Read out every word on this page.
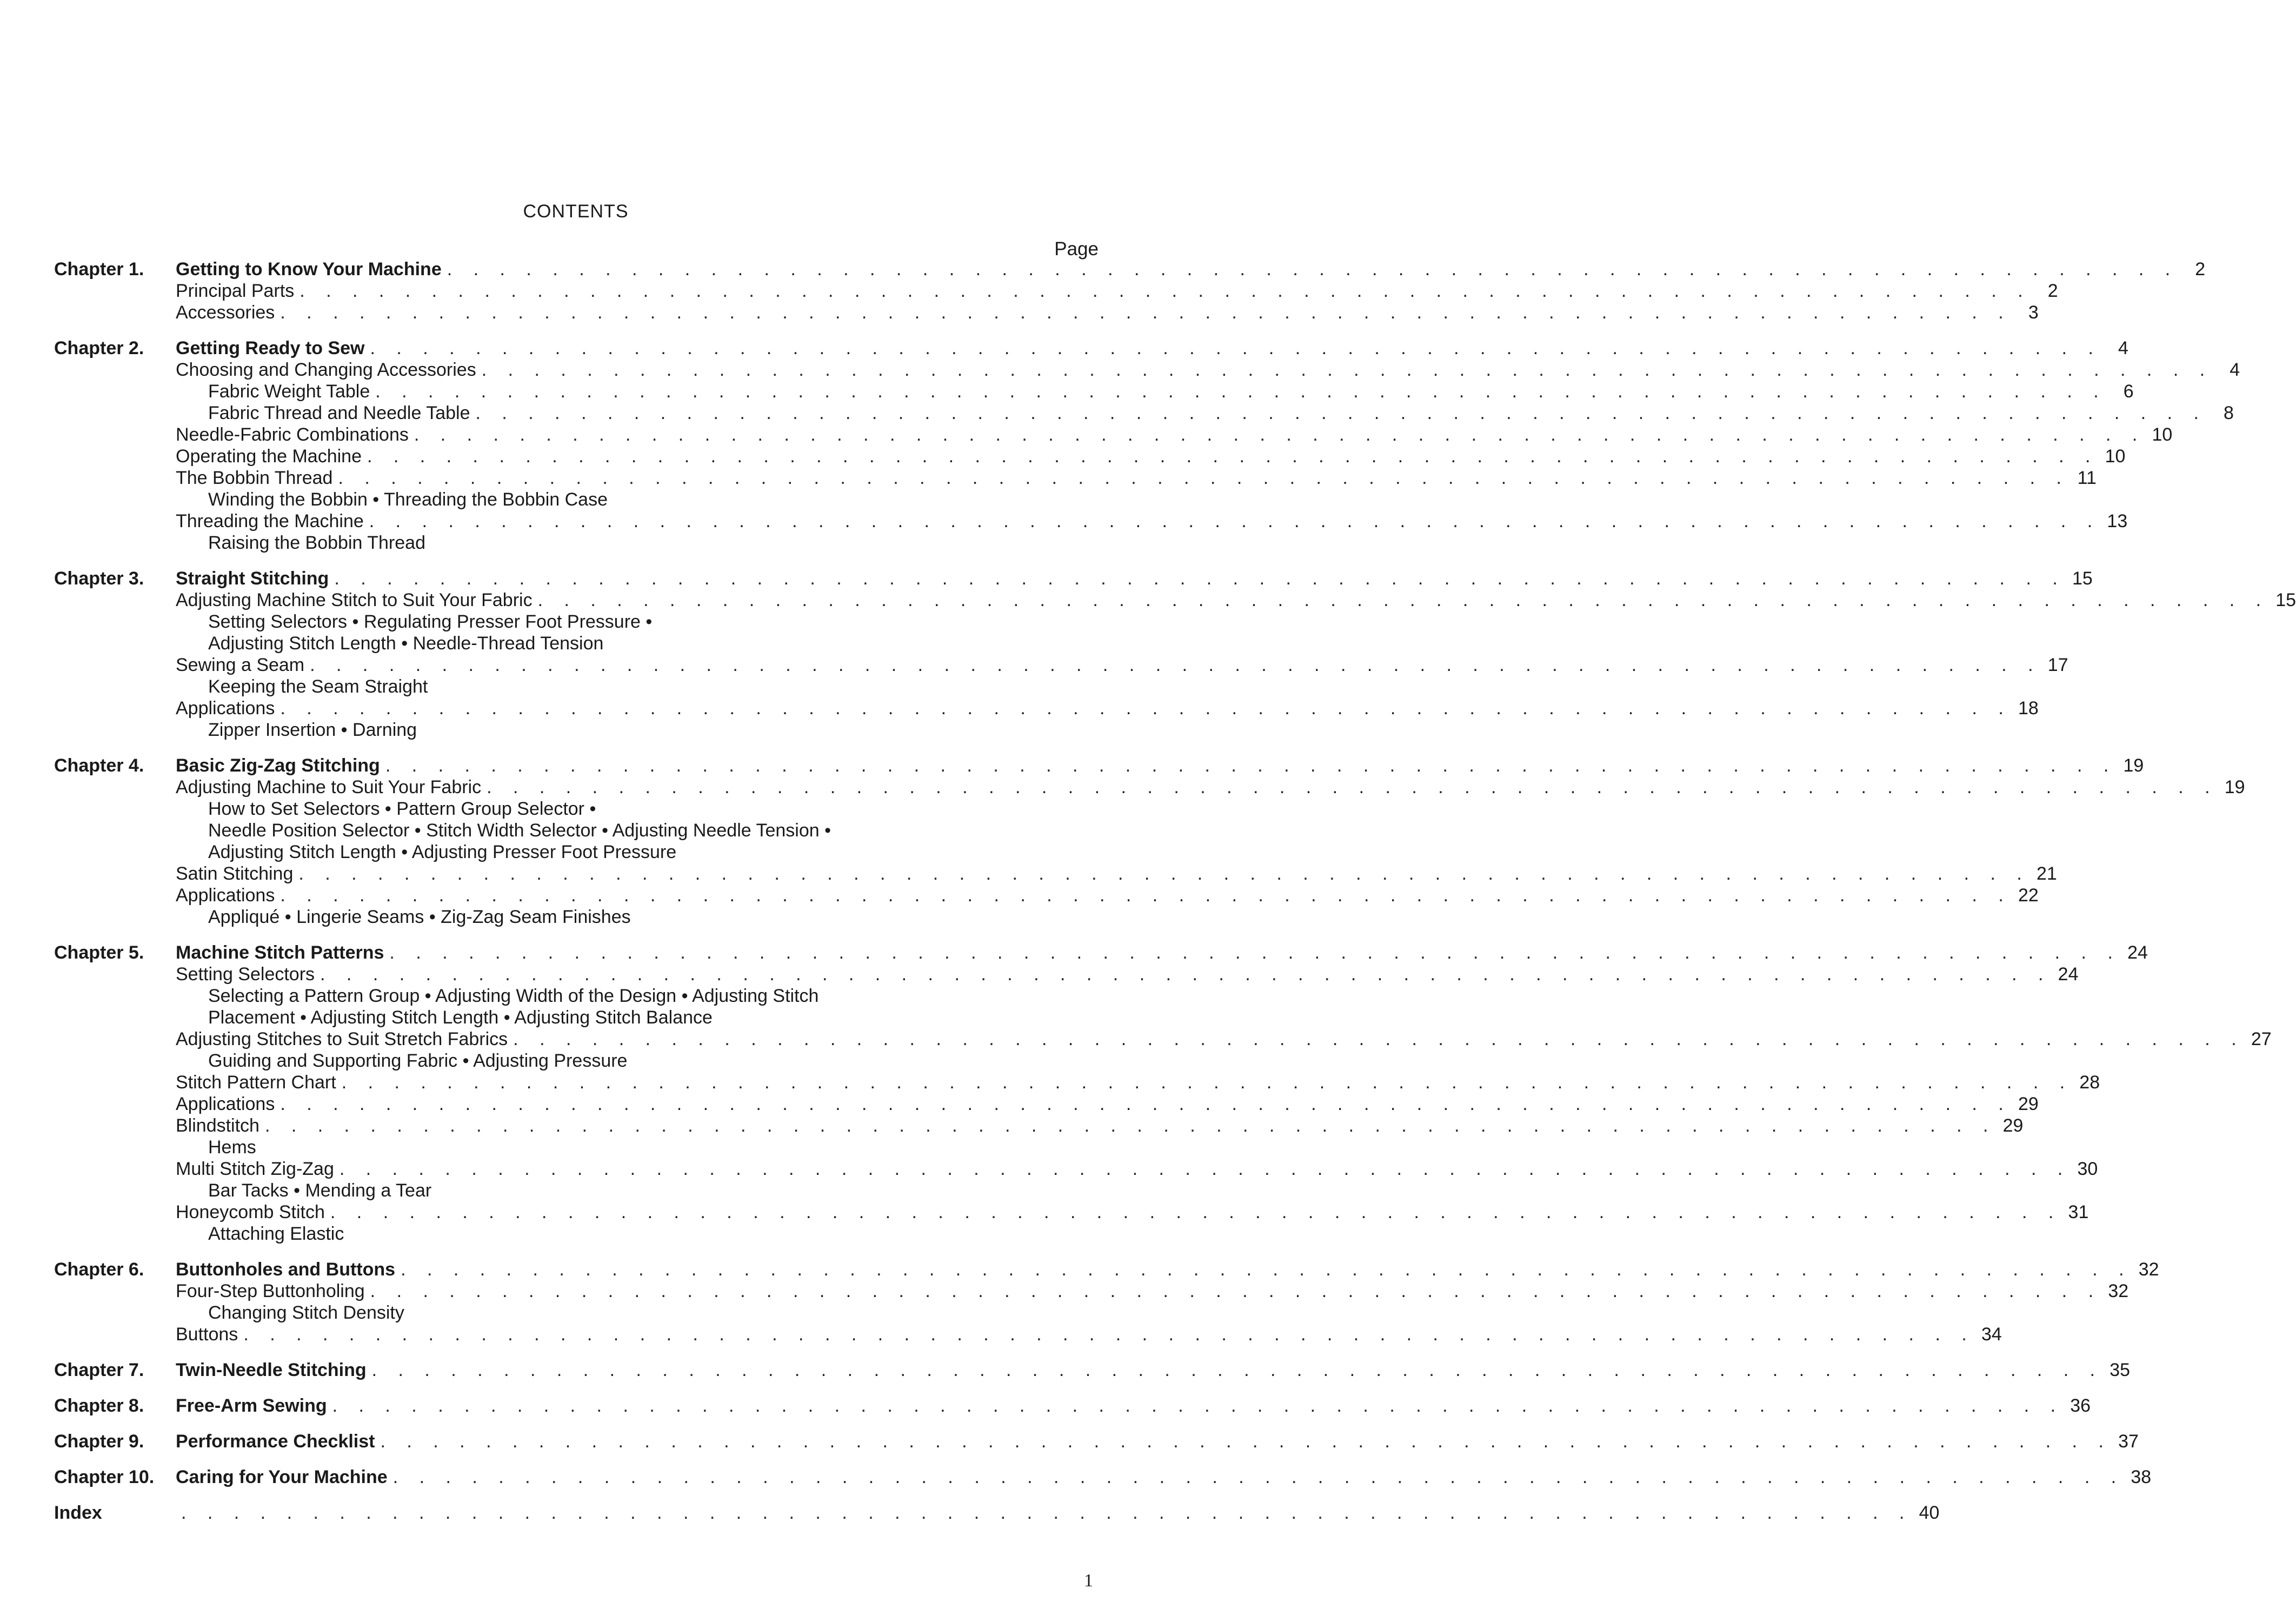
CONTENTS
Page
Chapter 1.	Getting to Know Your Machine . . . . . . . . . . . . . . . . . . . . . . . . . . . . . . . . . . . . . . . . . . . . . . . . . . . . . . . . . . . . . . . . . . 2
Principal Parts . . . . . . . . . . . . . . . . . . . . . . . . . . . . . . . . . . . . . . . . . . . . . . . . . . . . . . . . . . . . . . . . . . 2
Accessories . . . . . . . . . . . . . . . . . . . . . . . . . . . . . . . . . . . . . . . . . . . . . . . . . . . . . . . . . . . . . . . . . . 3
Chapter 2.	Getting Ready to Sew . . . . . . . . . . . . . . . . . . . . . . . . . . . . . . . . . . . . . . . . . . . . . . . . . . . . . . . . . . . . . . . . . . 4
Choosing and Changing Accessories . . . . . . . . . . . . . . . . . . . . . . . . . . . . . . . . . . . . . . . . . . . . . . . . . . . . . . . . . . . . . . . . . . 4
Fabric Weight Table . . . . . . . . . . . . . . . . . . . . . . . . . . . . . . . . . . . . . . . . . . . . . . . . . . . . . . . . . . . . . . . . . . 6
Fabric Thread and Needle Table . . . . . . . . . . . . . . . . . . . . . . . . . . . . . . . . . . . . . . . . . . . . . . . . . . . . . . . . . . . . . . . . . . 8
Needle-Fabric Combinations . . . . . . . . . . . . . . . . . . . . . . . . . . . . . . . . . . . . . . . . . . . . . . . . . . . . . . . . . . . . . . . . . . 10
Operating the Machine . . . . . . . . . . . . . . . . . . . . . . . . . . . . . . . . . . . . . . . . . . . . . . . . . . . . . . . . . . . . . . . . . . 10
The Bobbin Thread . . . . . . . . . . . . . . . . . . . . . . . . . . . . . . . . . . . . . . . . . . . . . . . . . . . . . . . . . . . . . . . . . . 11
Winding the Bobbin • Threading the Bobbin Case
Threading the Machine . . . . . . . . . . . . . . . . . . . . . . . . . . . . . . . . . . . . . . . . . . . . . . . . . . . . . . . . . . . . . . . . . . 13
Raising the Bobbin Thread
Chapter 3.	Straight Stitching . . . . . . . . . . . . . . . . . . . . . . . . . . . . . . . . . . . . . . . . . . . . . . . . . . . . . . . . . . . . . . . . . . 15
Adjusting Machine Stitch to Suit Your Fabric . . . . . . . . . . . . . . . . . . . . . . . . . . . . . . . . . . . . . . . . . . . . . . . . . . . . . . . . . . . . . . . . . . 15
Setting Selectors • Regulating Presser Foot Pressure •
Adjusting Stitch Length • Needle-Thread Tension
Sewing a Seam . . . . . . . . . . . . . . . . . . . . . . . . . . . . . . . . . . . . . . . . . . . . . . . . . . . . . . . . . . . . . . . . . . 17
Keeping the Seam Straight
Applications . . . . . . . . . . . . . . . . . . . . . . . . . . . . . . . . . . . . . . . . . . . . . . . . . . . . . . . . . . . . . . . . . . 18
Zipper Insertion • Darning
Chapter 4.	Basic Zig-Zag Stitching . . . . . . . . . . . . . . . . . . . . . . . . . . . . . . . . . . . . . . . . . . . . . . . . . . . . . . . . . . . . . . . . . . 19
Adjusting Machine to Suit Your Fabric . . . . . . . . . . . . . . . . . . . . . . . . . . . . . . . . . . . . . . . . . . . . . . . . . . . . . . . . . . . . . . . . . . 19
How to Set Selectors • Pattern Group Selector •
Needle Position Selector • Stitch Width Selector • Adjusting Needle Tension •
Adjusting Stitch Length • Adjusting Presser Foot Pressure
Satin Stitching . . . . . . . . . . . . . . . . . . . . . . . . . . . . . . . . . . . . . . . . . . . . . . . . . . . . . . . . . . . . . . . . . . 21
Applications . . . . . . . . . . . . . . . . . . . . . . . . . . . . . . . . . . . . . . . . . . . . . . . . . . . . . . . . . . . . . . . . . . 22
Appliqué • Lingerie Seams • Zig-Zag Seam Finishes
Chapter 5.	Machine Stitch Patterns . . . . . . . . . . . . . . . . . . . . . . . . . . . . . . . . . . . . . . . . . . . . . . . . . . . . . . . . . . . . . . . . . . 24
Setting Selectors . . . . . . . . . . . . . . . . . . . . . . . . . . . . . . . . . . . . . . . . . . . . . . . . . . . . . . . . . . . . . . . . . . 24
Selecting a Pattern Group • Adjusting Width of the Design • Adjusting Stitch
Placement • Adjusting Stitch Length • Adjusting Stitch Balance
Adjusting Stitches to Suit Stretch Fabrics . . . . . . . . . . . . . . . . . . . . . . . . . . . . . . . . . . . . . . . . . . . . . . . . . . . . . . . . . . . . . . . . . . 27
Guiding and Supporting Fabric • Adjusting Pressure
Stitch Pattern Chart . . . . . . . . . . . . . . . . . . . . . . . . . . . . . . . . . . . . . . . . . . . . . . . . . . . . . . . . . . . . . . . . . . 28
Applications . . . . . . . . . . . . . . . . . . . . . . . . . . . . . . . . . . . . . . . . . . . . . . . . . . . . . . . . . . . . . . . . . . 29
Blindstitch . . . . . . . . . . . . . . . . . . . . . . . . . . . . . . . . . . . . . . . . . . . . . . . . . . . . . . . . . . . . . . . . . . 29
Hems
Multi Stitch Zig-Zag . . . . . . . . . . . . . . . . . . . . . . . . . . . . . . . . . . . . . . . . . . . . . . . . . . . . . . . . . . . . . . . . . . 30
Bar Tacks • Mending a Tear
Honeycomb Stitch . . . . . . . . . . . . . . . . . . . . . . . . . . . . . . . . . . . . . . . . . . . . . . . . . . . . . . . . . . . . . . . . . . 31
Attaching Elastic
Chapter 6.	Buttonholes and Buttons . . . . . . . . . . . . . . . . . . . . . . . . . . . . . . . . . . . . . . . . . . . . . . . . . . . . . . . . . . . . . . . . . . 32
Four-Step Buttonholing . . . . . . . . . . . . . . . . . . . . . . . . . . . . . . . . . . . . . . . . . . . . . . . . . . . . . . . . . . . . . . . . . . 32
Changing Stitch Density
Buttons . . . . . . . . . . . . . . . . . . . . . . . . . . . . . . . . . . . . . . . . . . . . . . . . . . . . . . . . . . . . . . . . . . 34
Chapter 7.	Twin-Needle Stitching . . . . . . . . . . . . . . . . . . . . . . . . . . . . . . . . . . . . . . . . . . . . . . . . . . . . . . . . . . . . . . . . . . 35
Chapter 8.	Free-Arm Sewing . . . . . . . . . . . . . . . . . . . . . . . . . . . . . . . . . . . . . . . . . . . . . . . . . . . . . . . . . . . . . . . . . . 36
Chapter 9.	Performance Checklist . . . . . . . . . . . . . . . . . . . . . . . . . . . . . . . . . . . . . . . . . . . . . . . . . . . . . . . . . . . . . . . . . . 37
Chapter 10.	Caring for Your Machine . . . . . . . . . . . . . . . . . . . . . . . . . . . . . . . . . . . . . . . . . . . . . . . . . . . . . . . . . . . . . . . . . . 38
Index	. . . . . . . . . . . . . . . . . . . . . . . . . . . . . . . . . . . . . . . . . . . . . . . . . . . . . . . . . . . . . . . . . . 40
1
